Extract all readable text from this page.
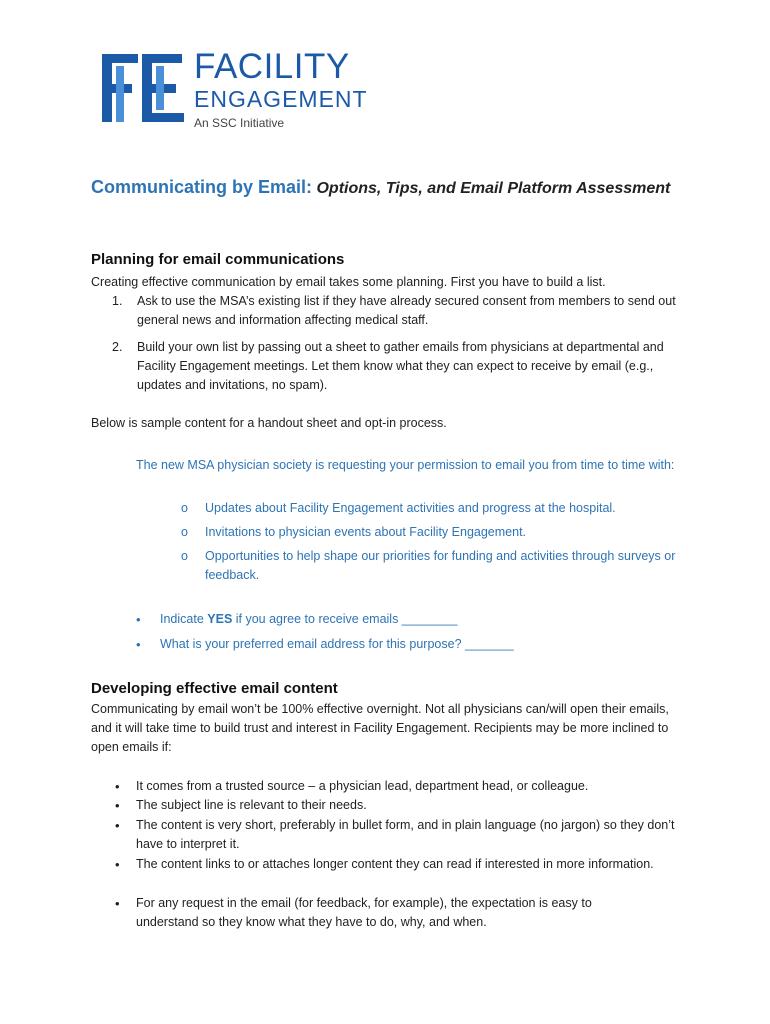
FACILITY
ENGAGEMENT
An SSC Initiative
Communicating by Email: Options, Tips, and Email Platform Assessment
Planning for email communications

Creating effective communication by email takes some planning. First you have to build a list.

1. Ask to use the MSA’s existing list if they have already secured consent from members to send out general news and information affecting medical staff.

2. Build your own list by passing out a sheet to gather emails from physicians at departmental and Facility Engagement meetings. Let them know what they can expect to receive by email (e.g., updates and invitations, no spam).

Below is sample content for a handout sheet and opt-in process.

The new MSA physician society is requesting your permission to email you from time to time with:

o Updates about Facility Engagement activities and progress at the hospital.

o Invitations to physician events about Facility Engagement.

o Opportunities to help shape our priorities for funding and activities through surveys or feedback.

• Indicate YES if you agree to receive emails ________

• What is your preferred email address for this purpose? _______

Developing effective email content

Communicating by email won’t be 100% effective overnight. Not all physicians can/will open their emails, and it will take time to build trust and interest in Facility Engagement. Recipients may be more inclined to open emails if:

• It comes from a trusted source – a physician lead, department head, or colleague.

• The subject line is relevant to their needs.

• The content is very short, preferably in bullet form, and in plain language (no jargon) so they don’t have to interpret it.

• The content links to or attaches longer content they can read if interested in more information.

• For any request in the email (for feedback, for example), the expectation is easy to understand so they know what they have to do, why, and when.
